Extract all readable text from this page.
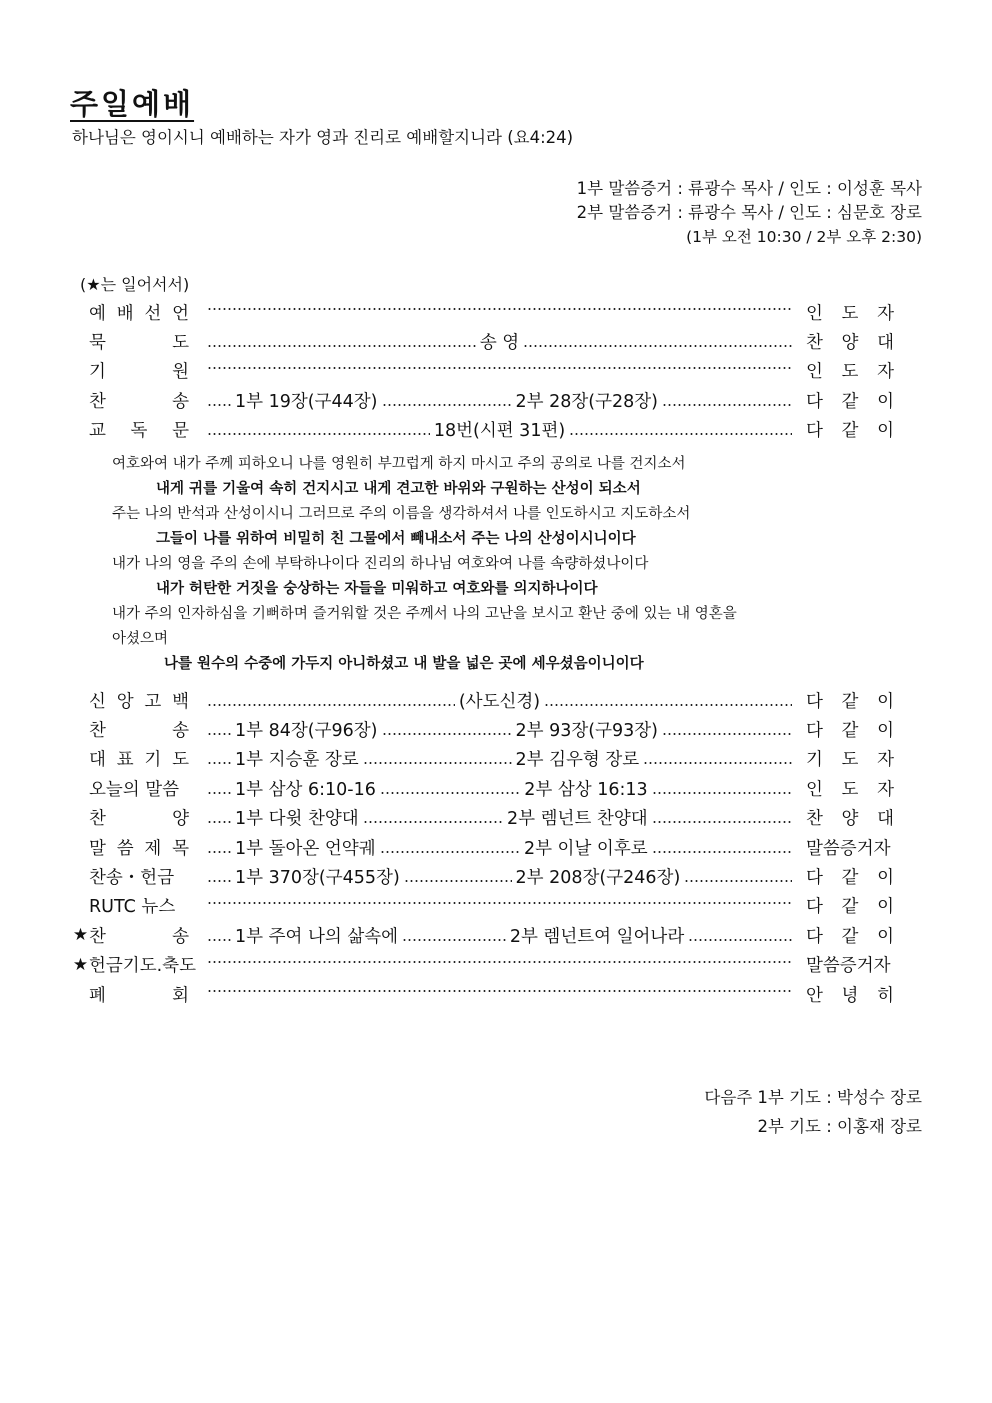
주일예배
하나님은 영이시니 예배하는 자가 영과 진리로 예배할지니라 (요4:24)
1부 말씀증거 : 류광수 목사 / 인도 : 이성훈 목사
2부 말씀증거 : 류광수 목사 / 인도 : 심문호 장로
(1부 오전 10:30 / 2부 오후 2:30)
(★는 일어서서)
예 배 선 언	인 도 자
묵	도	송 영	찬 양 대
기	원	인 도 자
찬	송	1부 19장(구44장)	2부 28장(구28장)	다 같 이
교 독 문	18번(시편 31편)	다 같 이
여호와여 내가 주께 피하오니 나를 영원히 부끄럽게 하지 마시고 주의 공의로 나를 건지소서
내게 귀를 기울여 속히 건지시고 내게 견고한 바위와 구원하는 산성이 되소서
주는 나의 반석과 산성이시니 그러므로 주의 이름을 생각하셔서 나를 인도하시고 지도하소서
그들이 나를 위하여 비밀히 친 그물에서 빼내소서 주는 나의 산성이시니이다
내가 나의 영을 주의 손에 부탁하나이다 진리의 하나님 여호와여 나를 속량하셨나이다
내가 허탄한 거짓을 숭상하는 자들을 미워하고 여호와를 의지하나이다
내가 주의 인자하심을 기뻐하며 즐거워할 것은 주께서 나의 고난을 보시고 환난 중에 있는 내 영혼을
아셨으며
나를 원수의 수중에 가두지 아니하셨고 내 발을 넓은 곳에 세우셨음이니이다
신 앙 고 백	(사도신경)	다 같 이
찬	송	1부 84장(구96장)	2부 93장(구93장)	다 같 이
대 표 기 도	1부 지승훈 장로	2부 김우형 장로	기 도 자
오늘의 말씀	1부 삼상 6:10-16	2부 삼상 16:13	인 도 자
찬	양	1부 다윗 찬양대	2부 렘넌트 찬양대	찬 양 대
말 씀 제 목	1부 돌아온 언약궤	2부 이날 이후로	말씀증거자
찬송・헌금	1부 370장(구455장)	2부 208장(구246장)	다 같 이
RUTC 뉴스	다 같 이
★ 찬	송	1부 주여 나의 삶속에	2부 렘넌트여 일어나라	다 같 이
★ 헌금기도.축도	말씀증거자
폐	회	안 녕 히
다음주 1부 기도 : 박성수 장로
2부 기도 : 이홍재 장로
